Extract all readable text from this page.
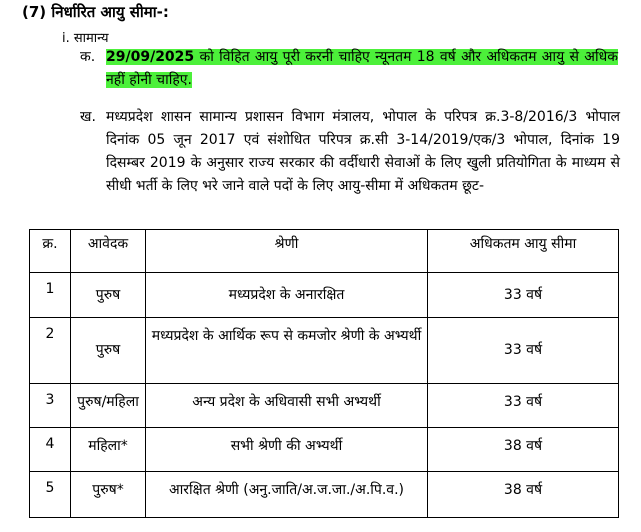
(7) निर्धारित आयु सीमा-:
i. सामान्य
क. 29/09/2025 को विहित आयु पूरी करनी चाहिए न्यूनतम 18 वर्ष और अधिकतम आयु से अधिक नहीं होनी चाहिए.
ख. मध्यप्रदेश शासन सामान्य प्रशासन विभाग मंत्रालय, भोपाल के परिपत्र क्र.3-8/2016/3 भोपाल दिनांक 05 जून 2017 एवं संशोधित परिपत्र क्र.सी 3-14/2019/एक/3 भोपाल, दिनांक 19 दिसम्बर 2019 के अनुसार राज्य सरकार की वर्दीधारी सेवाओं के लिए खुली प्रतियोगिता के माध्यम से सीधी भर्ती के लिए भरे जाने वाले पदों के लिए आयु-सीमा में अधिकतम छूट-
क्र.	आवेदक	श्रेणी	अधिकतम आयु सीमा
1	पुरुष	मध्यप्रदेश के अनारक्षित	33 वर्ष
2	पुरुष	मध्यप्रदेश के आर्थिक रूप से कमजोर श्रेणी के अभ्यर्थी	33 वर्ष
3	पुरुष/महिला	अन्य प्रदेश के अधिवासी सभी अभ्यर्थी	33 वर्ष
4	महिला*	सभी श्रेणी की अभ्यर्थी	38 वर्ष
5	पुरुष*	आरक्षित श्रेणी (अनु.जाति/अ.ज.जा./अ.पि.व.)	38 वर्ष
